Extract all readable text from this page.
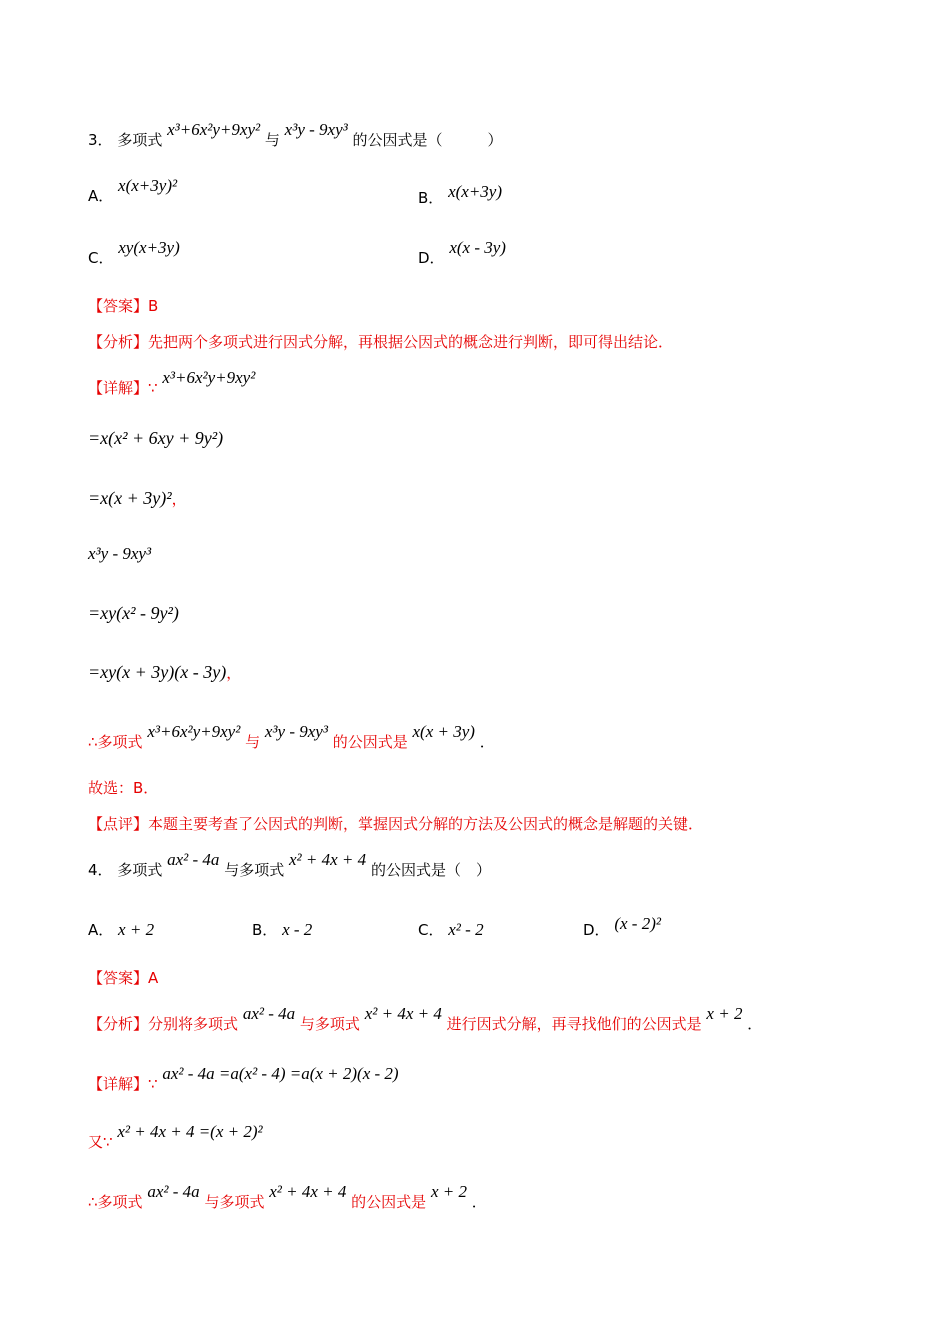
3． 多项式 x³+6x²y+9xy² 与 x³y - 9xy³ 的公因式是（　　　）
A． x(x+3y)²
B． x(x+3y)
C． xy(x+3y)
D． x(x - 3y)
【答案】B
【分析】先把两个多项式进行因式分解，再根据公因式的概念进行判断，即可得出结论．
【详解】∵ x³+6x²y+9xy²
=x(x² + 6xy + 9y²)
=x(x + 3y)²，
x³y - 9xy³
=xy(x² - 9y²)
=xy(x + 3y)(x - 3y)，
∴多项式 x³+6x²y+9xy² 与 x³y - 9xy³ 的公因式是 x(x + 3y) ．
故选：B．
【点评】本题主要考查了公因式的判断，掌握因式分解的方法及公因式的概念是解题的关键．
4． 多项式 ax² - 4a 与多项式 x² + 4x + 4 的公因式是（　）
A． x + 2	B． x - 2	C． x² - 2	D． (x - 2)²
【答案】A
【分析】分别将多项式 ax² - 4a 与多项式 x² + 4x + 4 进行因式分解，再寻找他们的公因式是 x + 2 ．
【详解】∵ ax² - 4a =a(x² - 4) =a(x + 2)(x - 2)
又∵ x² + 4x + 4 =(x + 2)²
∴多项式 ax² - 4a 与多项式 x² + 4x + 4 的公因式是 x + 2 ．
